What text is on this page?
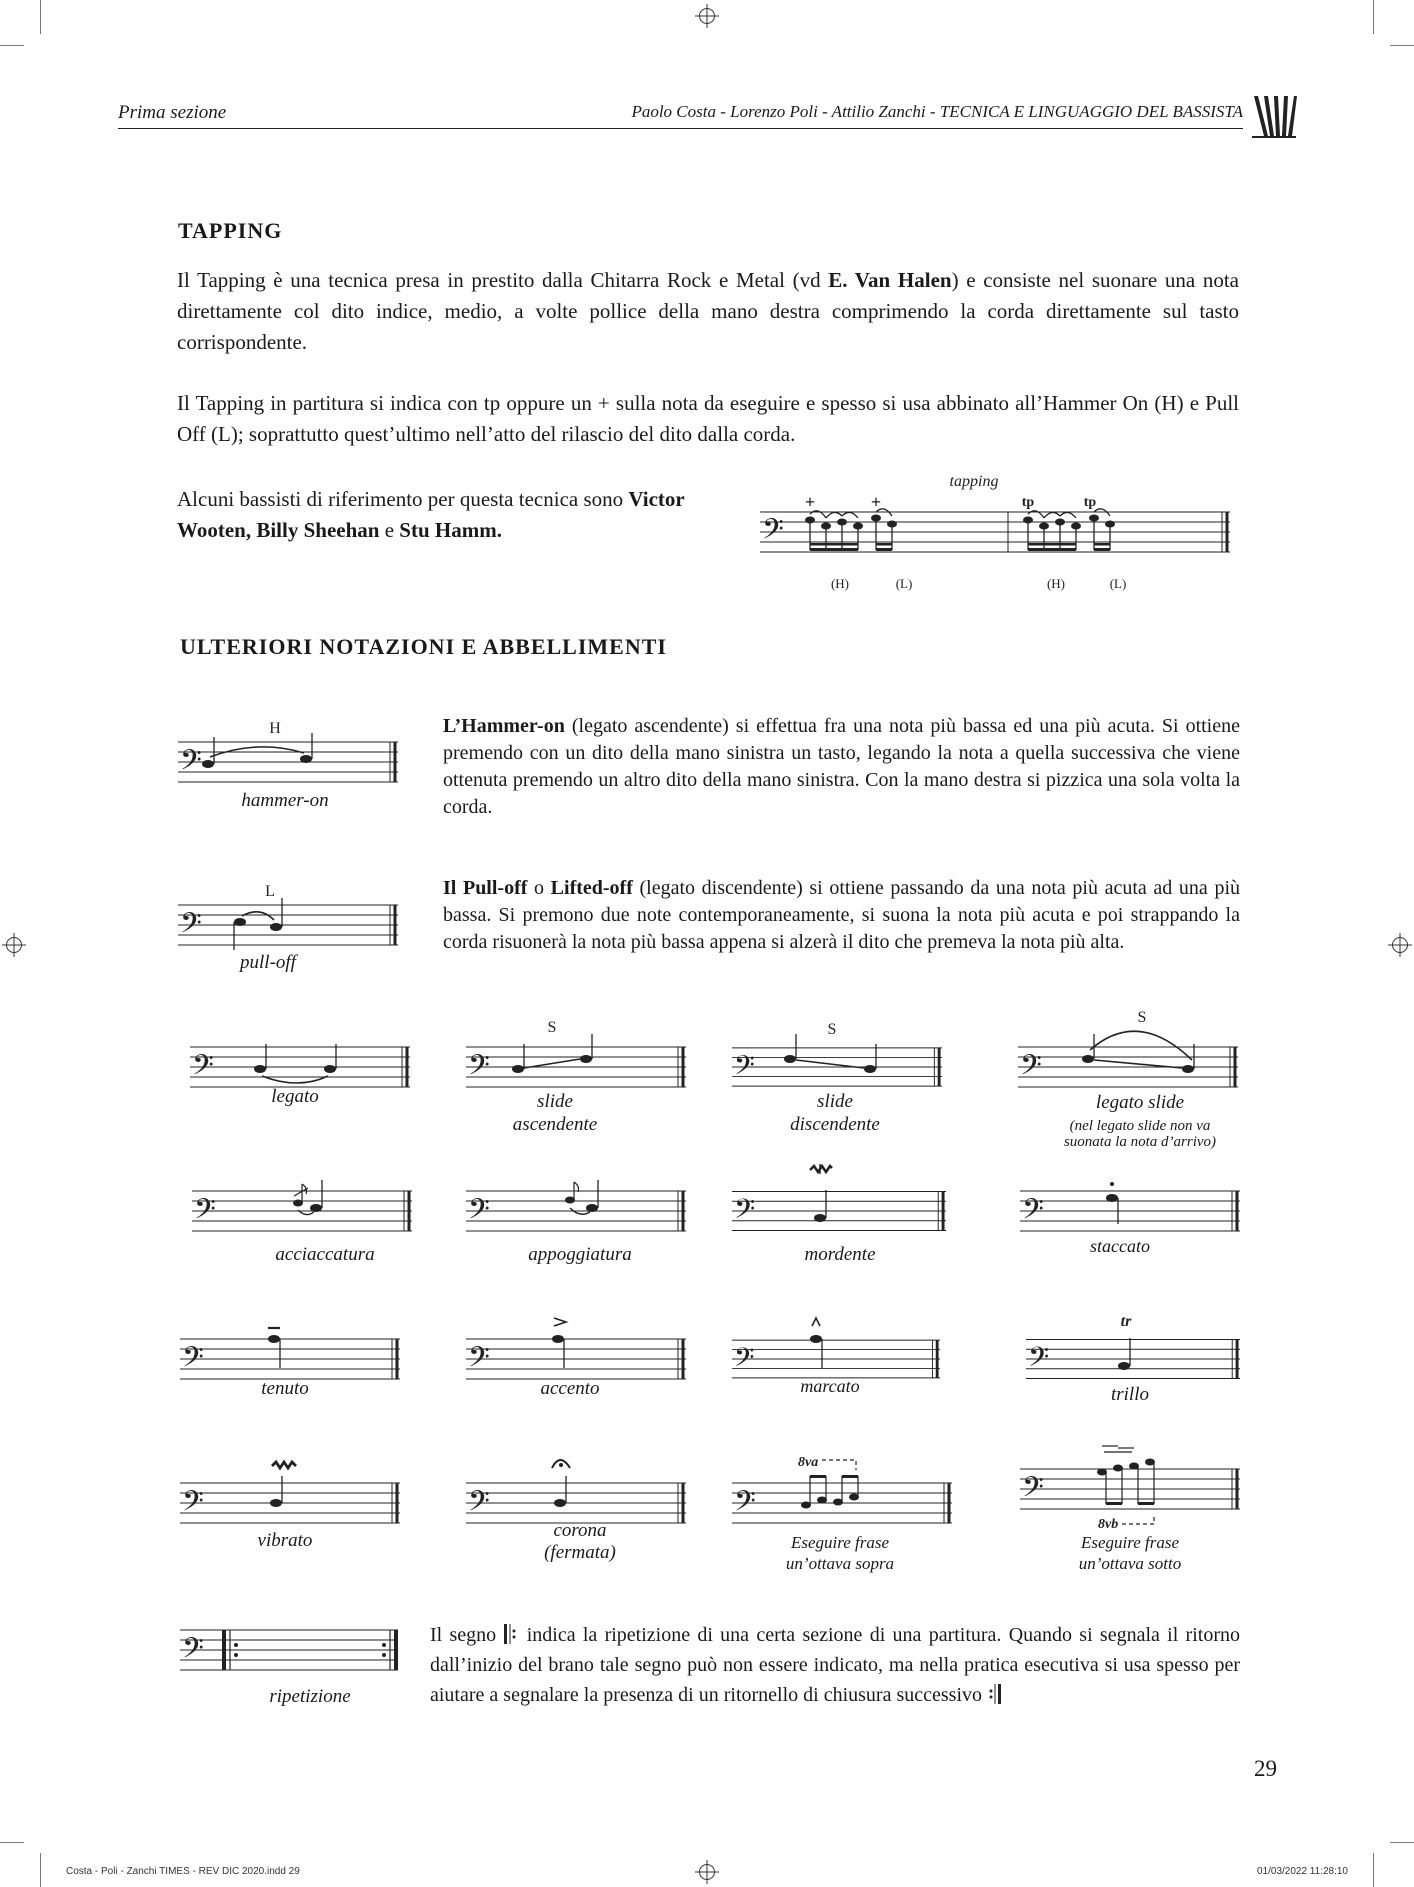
Prima sezione	Paolo Costa - Lorenzo Poli - Attilio Zanchi - TECNICA E LINGUAGGIO DEL BASSISTA
TAPPING
Il Tapping è una tecnica presa in prestito dalla Chitarra Rock e Metal (vd E. Van Halen) e consiste nel suonare una nota direttamente col dito indice, medio, a volte pollice della mano destra comprimendo la corda direttamente sul tasto corrispondente.
Il Tapping in partitura si indica con tp oppure un + sulla nota da eseguire e spesso si usa abbinato all’Hammer On (H) e Pull Off (L); soprattutto quest’ultimo nell’atto del rilascio del dito dalla corda.
Alcuni bassisti di riferimento per questa tecnica sono Victor Wooten, Billy Sheehan e Stu Hamm.	𝄢
tapping
+	+	tp	tp
(H)	(L)	(H)	(L)
ULTERIORI NOTAZIONI E ABBELLIMENTI
H
hammer-on
L’Hammer-on (legato ascendente) si effettua fra una nota più bassa ed una più acuta. Si ottiene premendo con un dito della mano sinistra un tasto, legando la nota a quella successiva che viene ottenuta premendo un altro dito della mano sinistra. Con la mano destra si pizzica una sola volta la corda.
L
pull-off
Il Pull-off o Lifted-off (legato discendente) si ottiene passando da una nota più acuta ad una più bassa. Si premono due note contemporaneamente, si suona la nota più acuta e poi strappando la corda risuonerà la nota più bassa appena si alzerà il dito che premeva la nota più alta.
legato
S
slide
ascendente
S
slide
discendente
S
legato slide
(nel legato slide non va
suonata la nota d’arrivo)
acciaccatura	appoggiatura	mordente	staccato
tenuto	accento	marcato
tr
trillo
vibrato	corona
(fermata)
8va
Eseguire frase
un’ottava sopra
8vb
Eseguire frase
un’ottava sotto
𝄢
ripetizione
Il segno  indica la ripetizione di una certa sezione di una partitura. Quando si segnala il ritorno dall’inizio del brano tale segno può non essere indicato, ma nella pratica esecutiva si usa spesso per aiutare a segnalare la presenza di un ritornello di chiusura successivo
29
Costa - Poli - Zanchi TIMES - REV DIC 2020.indd 29	01/03/2022 11:28:10
